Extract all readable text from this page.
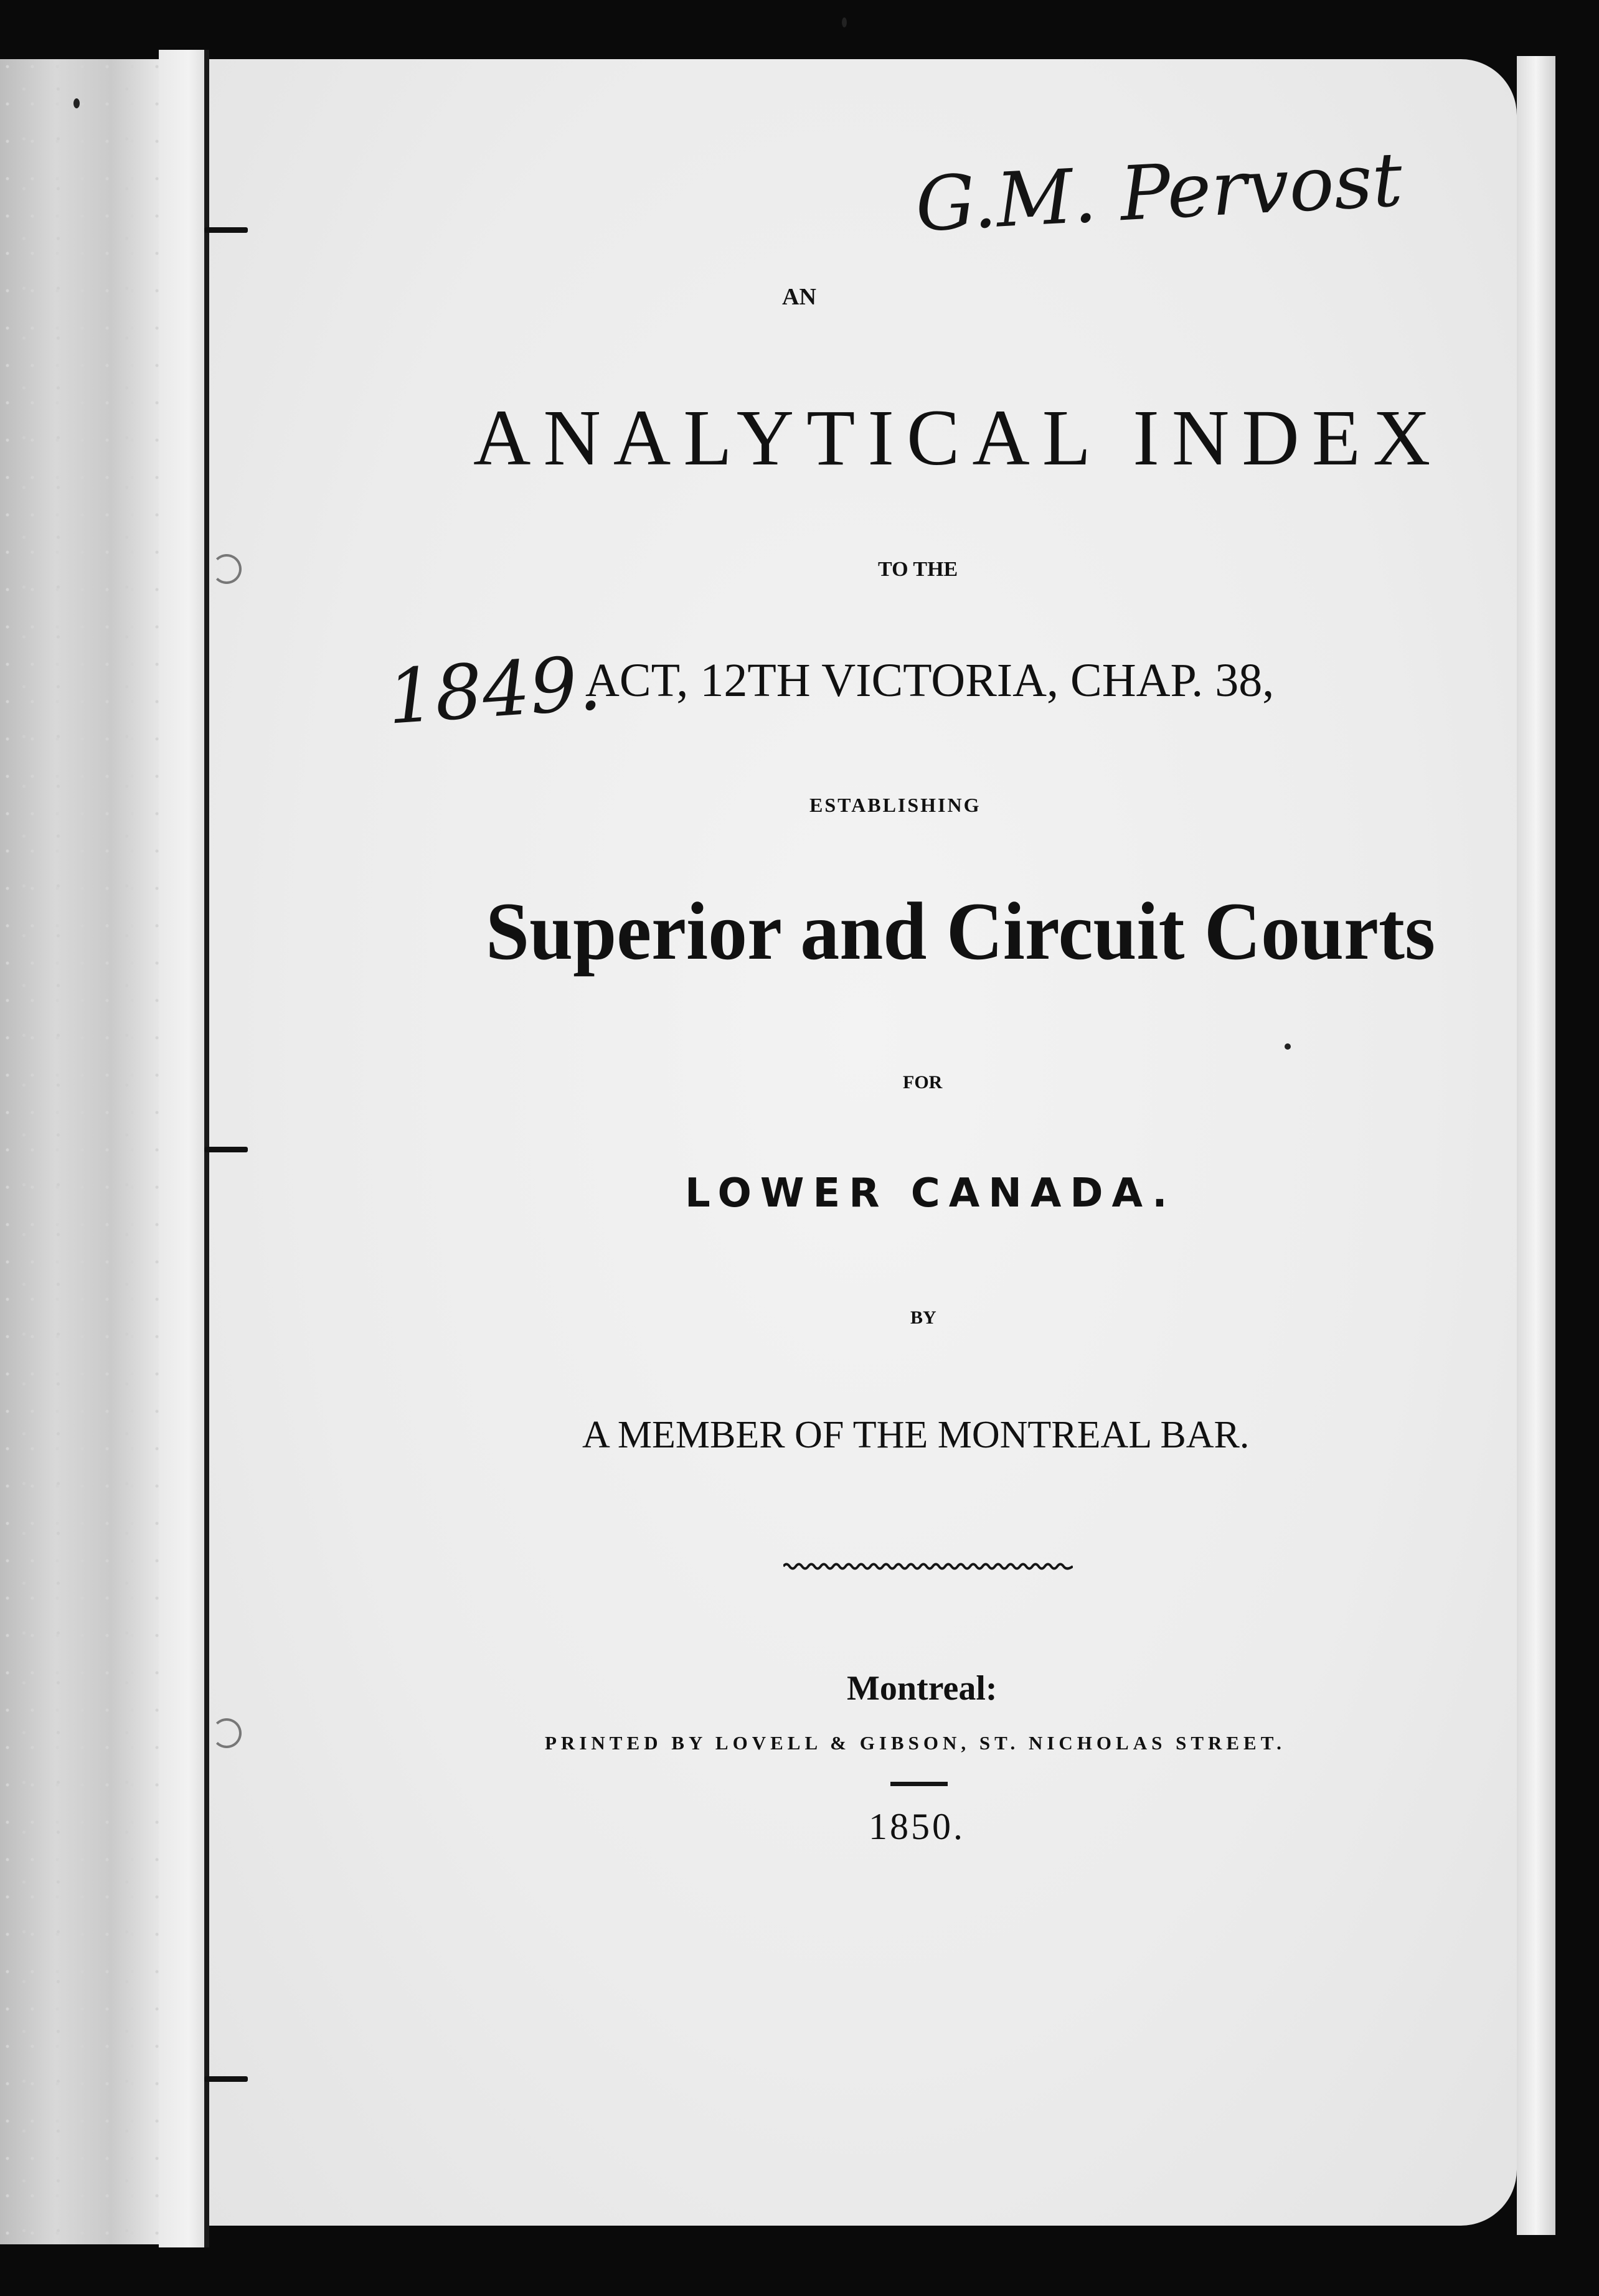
G.M. Pervost
1849.
AN
ANALYTICAL INDEX
TO THE
ACT, 12TH VICTORIA, CHAP. 38,
ESTABLISHING
Superior and Circuit Courts
FOR
LOWER CANADA.
BY
A MEMBER OF THE MONTREAL BAR.
Montreal:
PRINTED BY LOVELL & GIBSON, ST. NICHOLAS STREET.
1850.
